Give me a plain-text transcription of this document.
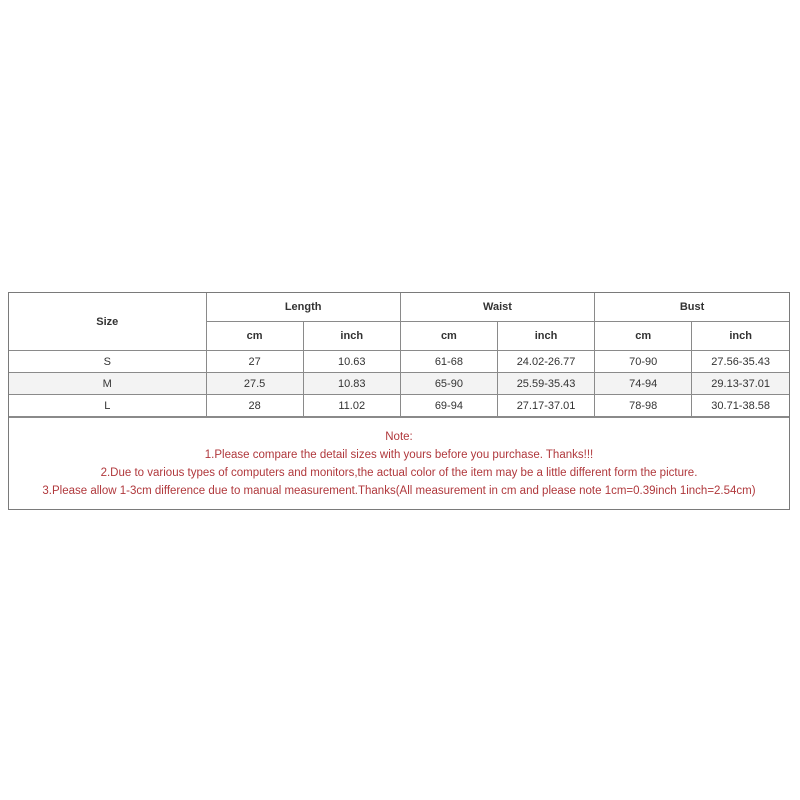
Size	Length		Waist		Bust	
	cm	inch	cm	inch	cm	inch
S	27	10.63	61-68	24.02-26.77	70-90	27.56-35.43
M	27.5	10.83	65-90	25.59-35.43	74-94	29.13-37.01
L	28	11.02	69-94	27.17-37.01	78-98	30.71-38.58
Note:
1.Please compare the detail sizes with yours before you purchase. Thanks!!!
2.Due to various types of computers and monitors,the actual color of the item may be a little different form the picture.
3.Please allow 1-3cm difference due to manual measurement.Thanks(All measurement in cm and please note 1cm=0.39inch 1inch=2.54cm)
